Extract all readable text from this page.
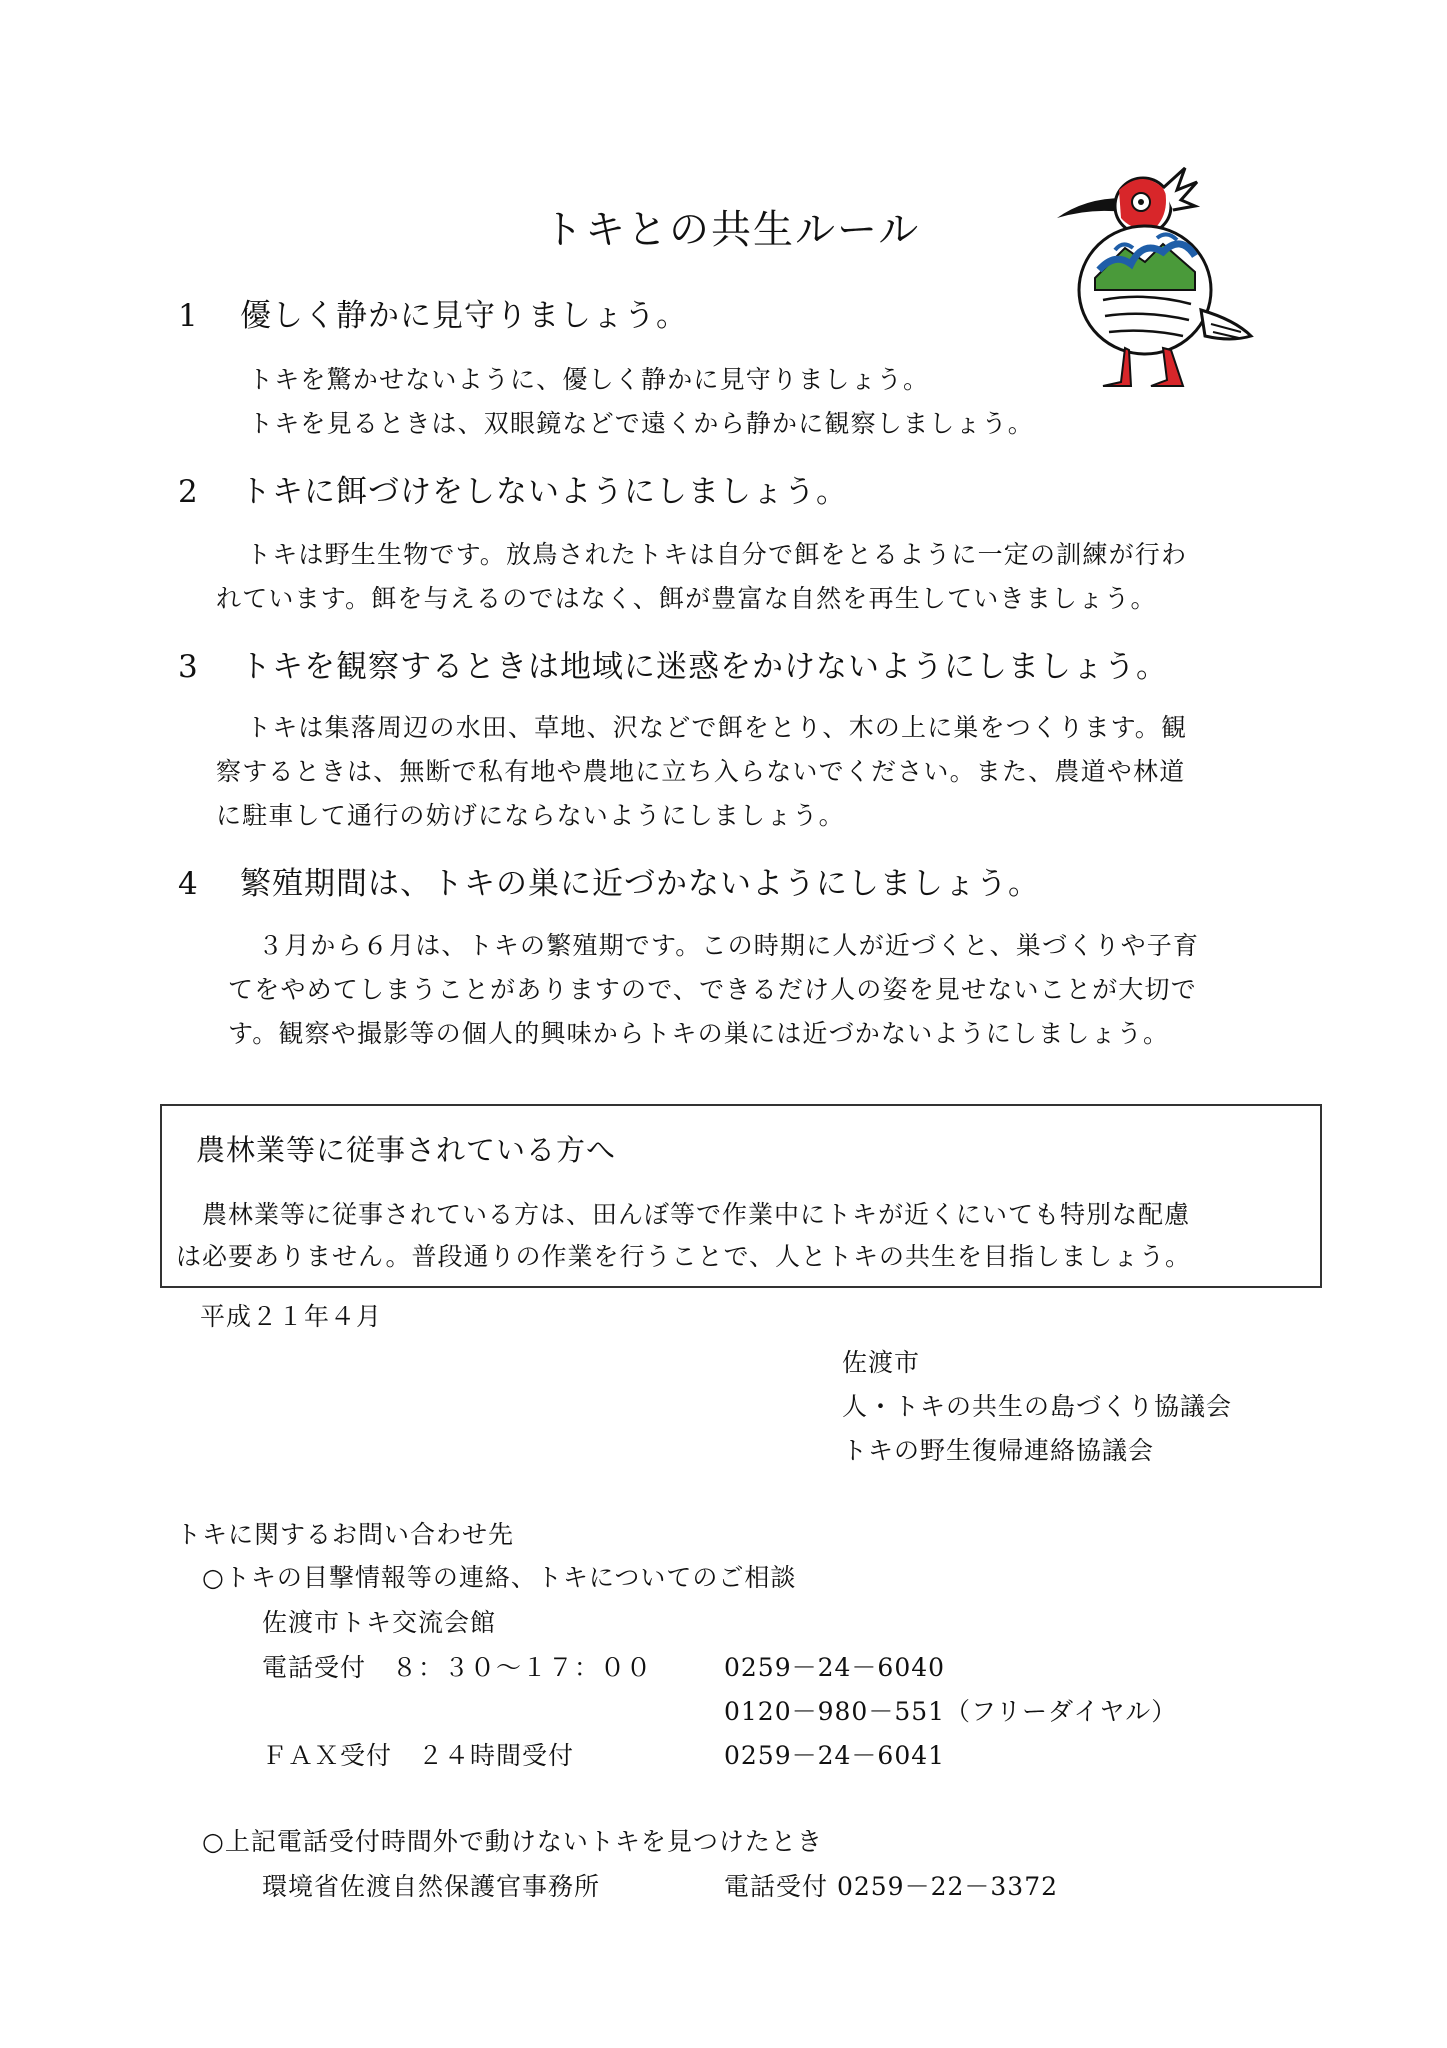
トキとの共生ルール
1 優しく静かに見守りましょう。
トキを驚かせないように、優しく静かに見守りましょう。
トキを見るときは、双眼鏡などで遠くから静かに観察しましょう。
2 トキに餌づけをしないようにしましょう。
トキは野生生物です。放鳥されたトキは自分で餌をとるように一定の訓練が行わ
れています。餌を与えるのではなく、餌が豊富な自然を再生していきましょう。
3 トキを観察するときは地域に迷惑をかけないようにしましょう。
トキは集落周辺の水田、草地、沢などで餌をとり、木の上に巣をつくります。観
察するときは、無断で私有地や農地に立ち入らないでください。また、農道や林道
に駐車して通行の妨げにならないようにしましょう。
4 繁殖期間は、トキの巣に近づかないようにしましょう。
３月から６月は、トキの繁殖期です。この時期に人が近づくと、巣づくりや子育
てをやめてしまうことがありますので、できるだけ人の姿を見せないことが大切で
す。観察や撮影等の個人的興味からトキの巣には近づかないようにしましょう。
農林業等に従事されている方へ
農林業等に従事されている方は、田んぼ等で作業中にトキが近くにいても特別な配慮
は必要ありません。普段通りの作業を行うことで、人とトキの共生を目指しましょう。
平成２１年４月
佐渡市
人・トキの共生の島づくり協議会
トキの野生復帰連絡協議会
トキに関するお問い合わせ先
○トキの目撃情報等の連絡、トキについてのご相談
佐渡市トキ交流会館
電話受付　８：３０～１７：００	0259－24－6040
0120－980－551（フリーダイヤル）
ＦＡＸ受付　２４時間受付	0259－24－6041
○上記電話受付時間外で動けないトキを見つけたとき
環境省佐渡自然保護官事務所	電話受付 0259－22－3372
